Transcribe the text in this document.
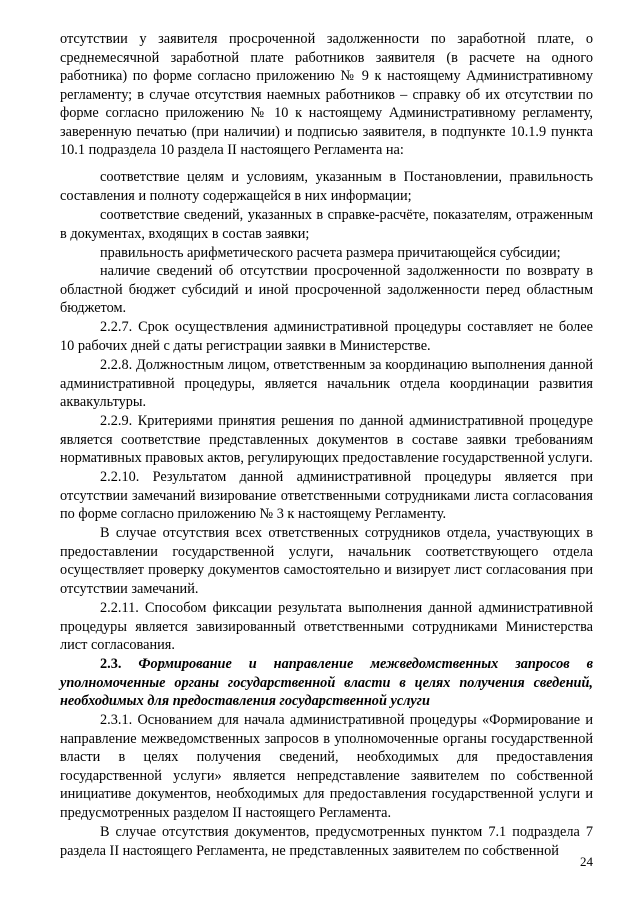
отсутствии у заявителя просроченной задолженности по заработной плате, о среднемесячной заработной плате работников заявителя (в расчете на одного работника) по форме согласно приложению № 9 к настоящему Административному регламенту; в случае отсутствия наемных работников – справку об их отсутствии по форме согласно приложению № 10 к настоящему Административному регламенту, заверенную печатью (при наличии) и подписью заявителя, в подпункте 10.1.9 пункта 10.1 подраздела 10 раздела II настоящего Регламента на:

соответствие целям и условиям, указанным в Постановлении, правильность составления и полноту содержащейся в них информации;

соответствие сведений, указанных в справке-расчёте, показателям, отраженным в документах, входящих в состав заявки;

правильность арифметического расчета размера причитающейся субсидии;

наличие сведений об отсутствии просроченной задолженности по возврату в областной бюджет субсидий и иной просроченной задолженности перед областным бюджетом.

2.2.7. Срок осуществления административной процедуры составляет не более 10 рабочих дней с даты регистрации заявки в Министерстве.

2.2.8. Должностным лицом, ответственным за координацию выполнения данной административной процедуры, является начальник отдела координации развития аквакультуры.

2.2.9. Критериями принятия решения по данной административной процедуре является соответствие представленных документов в составе заявки требованиям нормативных правовых актов, регулирующих предоставление государственной услуги.

2.2.10. Результатом данной административной процедуры является при отсутствии замечаний визирование ответственными сотрудниками листа согласования по форме согласно приложению № 3 к настоящему Регламенту.

В случае отсутствия всех ответственных сотрудников отдела, участвующих в предоставлении государственной услуги, начальник соответствующего отдела осуществляет проверку документов самостоятельно и визирует лист согласования при отсутствии замечаний.

2.2.11. Способом фиксации результата выполнения данной административной процедуры является завизированный ответственными сотрудниками Министерства лист согласования.

2.3. Формирование и направление межведомственных запросов в уполномоченные органы государственной власти в целях получения сведений, необходимых для предоставления государственной услуги

2.3.1. Основанием для начала административной процедуры «Формирование и направление межведомственных запросов в уполномоченные органы государственной власти в целях получения сведений, необходимых для предоставления государственной услуги» является непредставление заявителем по собственной инициативе документов, необходимых для предоставления государственной услуги и предусмотренных разделом II настоящего Регламента.

В случае отсутствия документов, предусмотренных пунктом 7.1 подраздела 7 раздела II настоящего Регламента, не представленных заявителем по собственной

24
